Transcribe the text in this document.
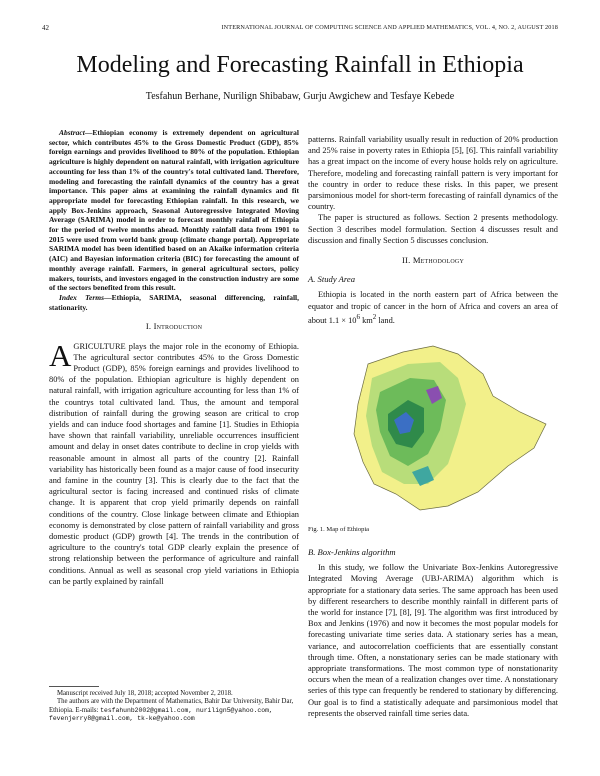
42	INTERNATIONAL JOURNAL OF COMPUTING SCIENCE AND APPLIED MATHEMATICS, VOL. 4, NO. 2, AUGUST 2018
Modeling and Forecasting Rainfall in Ethiopia
Tesfahun Berhane, Nurilign Shibabaw, Gurju Awgichew and Tesfaye Kebede

Abstract—Ethiopian economy is extremely dependent on agricultural sector, which contributes 45% to the Gross Domestic Product (GDP), 85% foreign earnings and provides livelihood to 80% of the population. Ethiopian agriculture is highly dependent on natural rainfall, with irrigation agriculture accounting for less than 1% of the country's total cultivated land. Therefore, modeling and forecasting the rainfall dynamics of the country has a great importance. This paper aims at examining the rainfall dynamics and fit appropriate model for forecasting Ethiopian rainfall. In this research, we apply Box-Jenkins approach, Seasonal Autoregressive Integrated Moving Average (SARIMA) model in order to forecast monthly rainfall of Ethiopia for the period of twelve months ahead. Monthly rainfall data from 1901 to 2015 were used from world bank group (climate change portal). Appropriate SARIMA model has been identified based on an Akaike information criteria (AIC) and Bayesian information criteria (BIC) for forecasting the amount of monthly average rainfall. Farmers, in general agricultural sectors, policy makers, tourists, and investors engaged in the construction industry are some of the sectors benefited from this result.

Index Terms—Ethiopia, SARIMA, seasonal differencing, rainfall, stationarity.

I. Introduction

AGRICULTURE plays the major role in the economy of Ethiopia. The agricultural sector contributes 45% to the Gross Domestic Product (GDP), 85% foreign earnings and provides livelihood to 80% of the population. Ethiopian agriculture is highly dependent on natural rainfall, with irrigation agriculture accounting for less than 1% of the countrys total cultivated land. Thus, the amount and temporal distribution of rainfall during the growing season are critical to crop yields and can induce food shortages and famine [1]. Studies in Ethiopia have shown that rainfall variability, unreliable occurrences insufficient amount and delay in onset dates contribute to decline in crop yields with reasonable amount in almost all parts of the country [2]. Rainfall variability has historically been found as a major cause of food insecurity and famine in the country [3]. This is clearly due to the fact that the agricultural sector is facing increased and continued risks of climate change. It is apparent that crop yield primarily depends on rainfall conditions of the country. Close linkage between climate and Ethiopian economy is demonstrated by close pattern of rainfall variability and gross domestic product (GDP) growth [4]. The trends in the contribution of agriculture to the country's total GDP clearly explain the presence of strong relationship between the performance of agriculture and rainfall conditions. Annual as well as seasonal crop yield variations in Ethiopia can be partly explained by rainfall

Manuscript received July 18, 2018; accepted November 2, 2018.

The authors are with the Department of Mathematics, Bahir Dar University, Bahir Dar, Ethiopia. E-mails: tesfahunb2002@gmail.com, nurilign5@yahoo.com, fevenjerry8@gmail.com, tk-ke@yahoo.com

patterns. Rainfall variability usually result in reduction of 20% production and 25% raise in poverty rates in Ethiopia [5], [6]. This rainfall variability has a great impact on the income of every house holds rely on agriculture. Therefore, modeling and forecasting rainfall pattern is very important for the country in order to reduce these risks. In this paper, we present parsimonious model for short-term forecasting of rainfall dynamics of the country.

The paper is structured as follows. Section 2 presents methodology. Section 3 describes model formulation. Section 4 discusses result and discussion and finally Section 5 discusses conclusion.

II. Methodology
A. Study Area

Ethiopia is located in the north eastern part of Africa between the equator and tropic of cancer in the horn of Africa and covers an area of about $1.1 \times 10^6$ $km^2$ land.

Fig. 1. Map of Ethiopia
B. Box-Jenkins algorithm

In this study, we follow the Univariate Box-Jenkins Autoregressive Integrated Moving Average (UBJ-ARIMA) algorithm which is appropriate for a stationary data series. The same approach has been used by different researchers to describe monthly rainfall in different parts of the world for instance [7], [8], [9]. The algorithm was first introduced by Box and Jenkins (1976) and now it becomes the most popular models for forecasting univariate time series data. A stationary series has a mean, variance, and autocorrelation coefficients that are essentially constant through time. Often, a nonstationary series can be made stationary with appropriate transformations. The most common type of nonstationarity occurs when the mean of a realization changes over time. A nonstationary series of this type can frequently be rendered to stationary by differencing. Our goal is to find a statistically adequate and parsimonious model that represents the observed rainfall time series data.
